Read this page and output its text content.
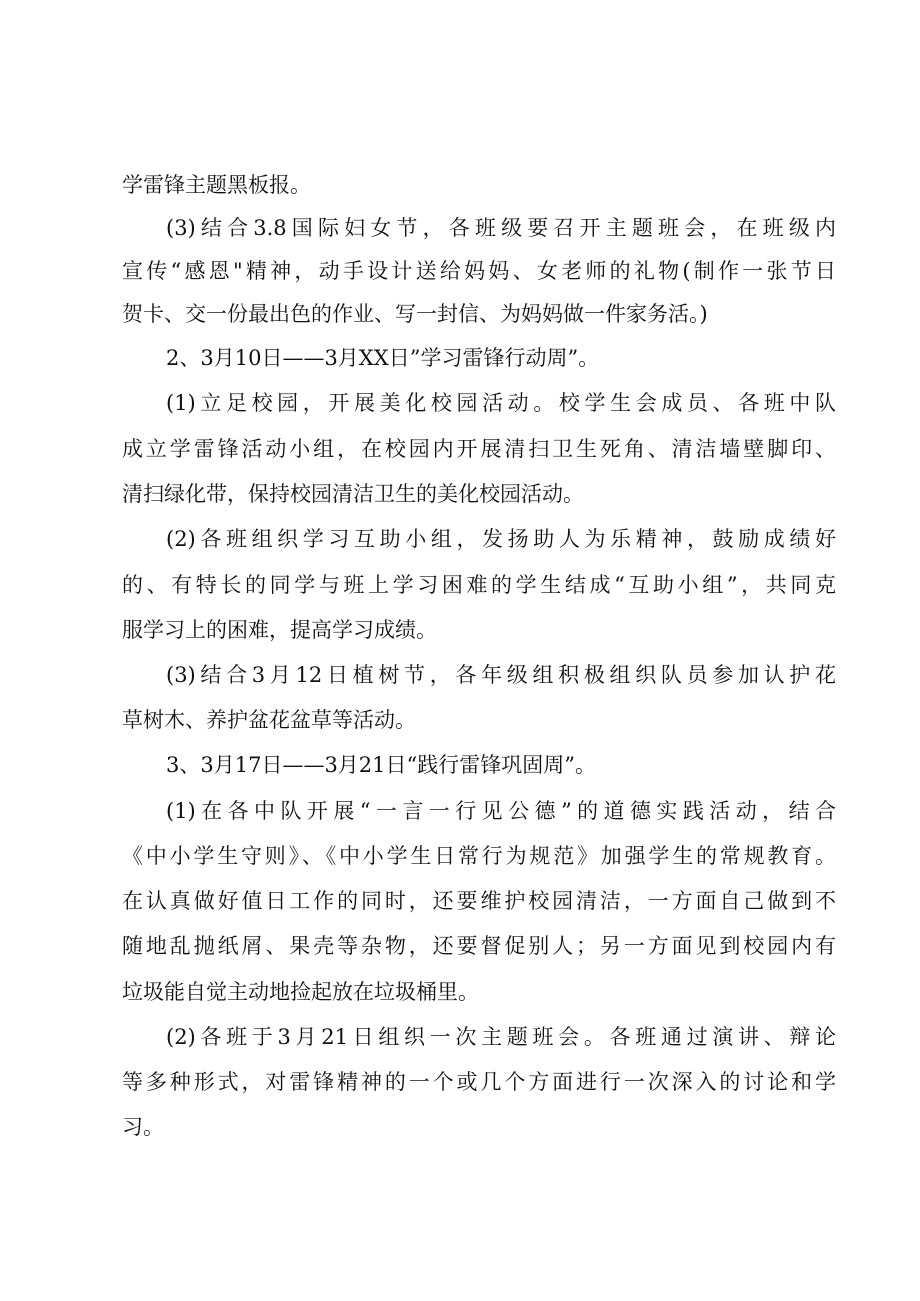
学雷锋主题黑板报。

(3)结合3.8国际妇女节，各班级要召开主题班会，在班级内

宣传“感恩"精神，动手设计送给妈妈、女老师的礼物(制作一张节日

贺卡、交一份最出色的作业、写一封信、为妈妈做一件家务活。)

2、3月10日——3月XX日”学习雷锋行动周”。

(1)立足校园，开展美化校园活动。校学生会成员、各班中队

成立学雷锋活动小组，在校园内开展清扫卫生死角、清洁墙壁脚印、

清扫绿化带，保持校园清洁卫生的美化校园活动。

(2)各班组织学习互助小组，发扬助人为乐精神，鼓励成绩好

的、有特长的同学与班上学习困难的学生结成“互助小组”，共同克

服学习上的困难，提高学习成绩。

(3)结合3月12日植树节，各年级组积极组织队员参加认护花

草树木、养护盆花盆草等活动。

3、3月17日——3月21日“践行雷锋巩固周”。

(1)在各中队开展“一言一行见公德”的道德实践活动，结合

《中小学生守则》、《中小学生日常行为规范》加强学生的常规教育。

在认真做好值日工作的同时，还要维护校园清洁，一方面自己做到不

随地乱抛纸屑、果壳等杂物，还要督促别人；另一方面见到校园内有

垃圾能自觉主动地捡起放在垃圾桶里。

(2)各班于3月21日组织一次主题班会。各班通过演讲、辩论

等多种形式，对雷锋精神的一个或几个方面进行一次深入的讨论和学

习。
